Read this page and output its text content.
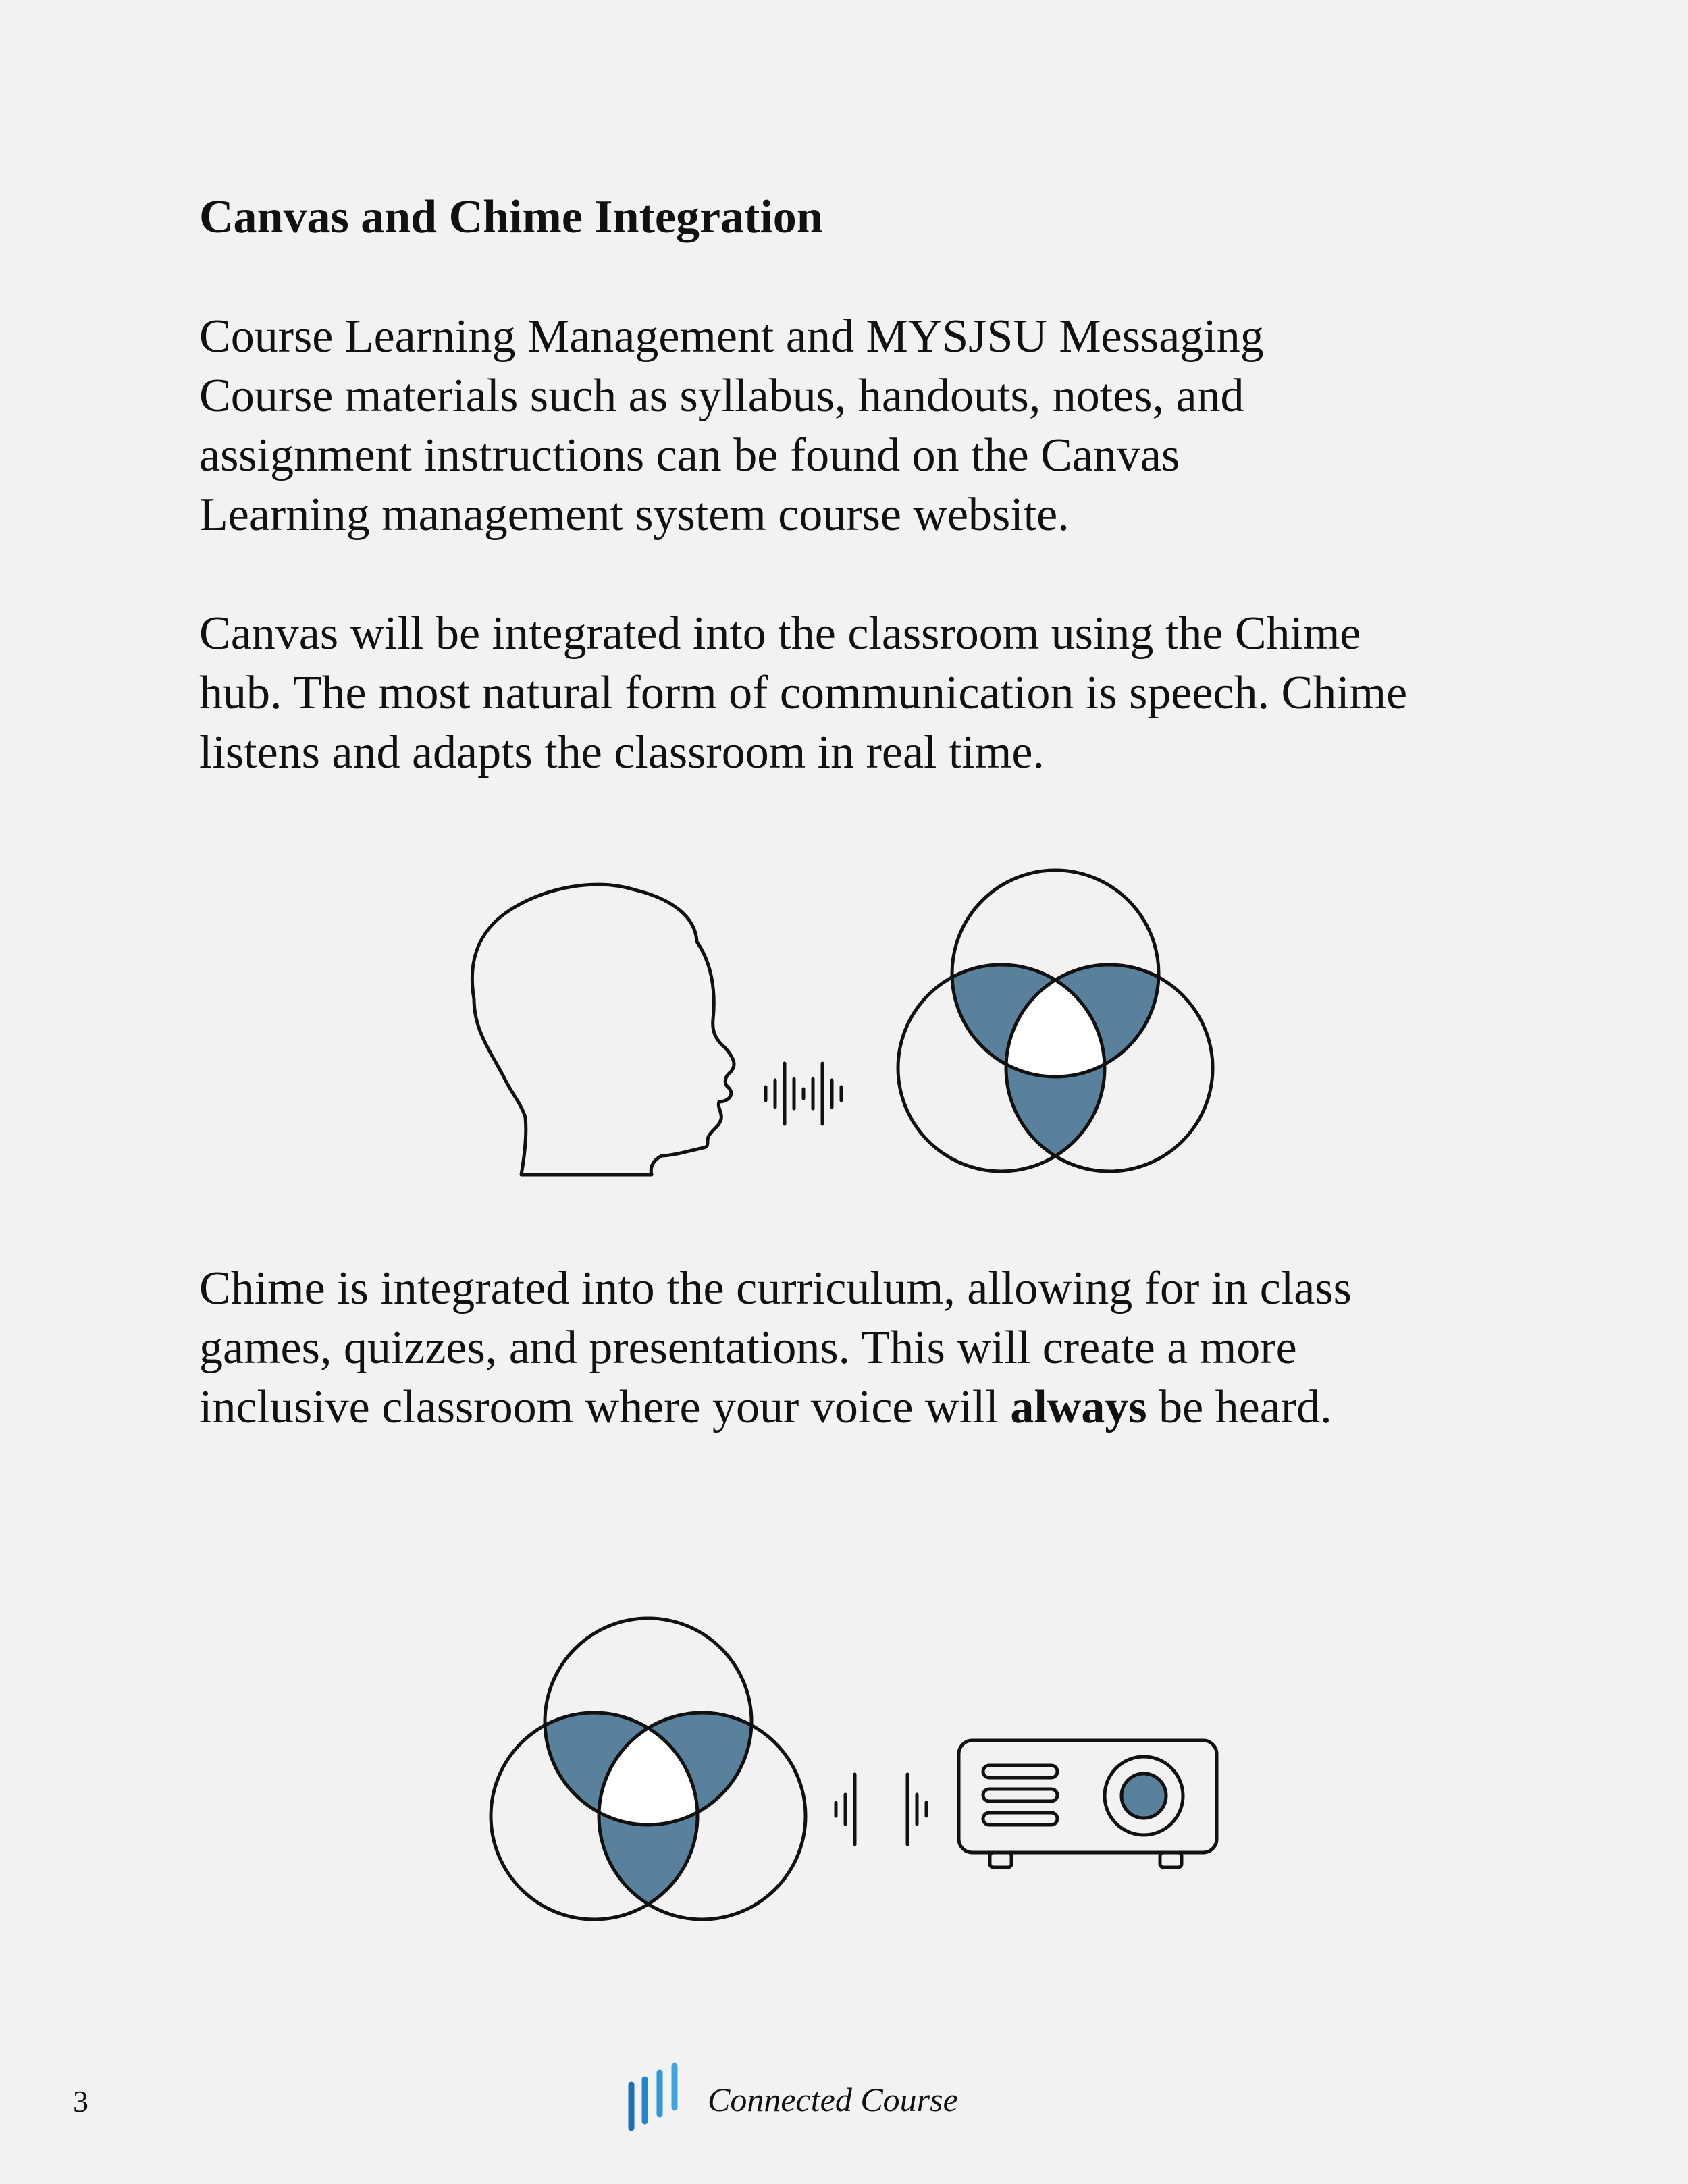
Canvas and Chime Integration

Course Learning Management and MYSJSU Messaging
Course materials such as syllabus, handouts, notes, and
assignment instructions can be found on the Canvas
Learning management system course website.

Canvas will be integrated into the classroom using the Chime
hub. The most natural form of communication is speech. Chime
listens and adapts the classroom in real time.

Chime is integrated into the curriculum, allowing for in class
games, quizzes, and presentations. This will create a more
inclusive classroom where your voice will always be heard.

3	Connected Course
